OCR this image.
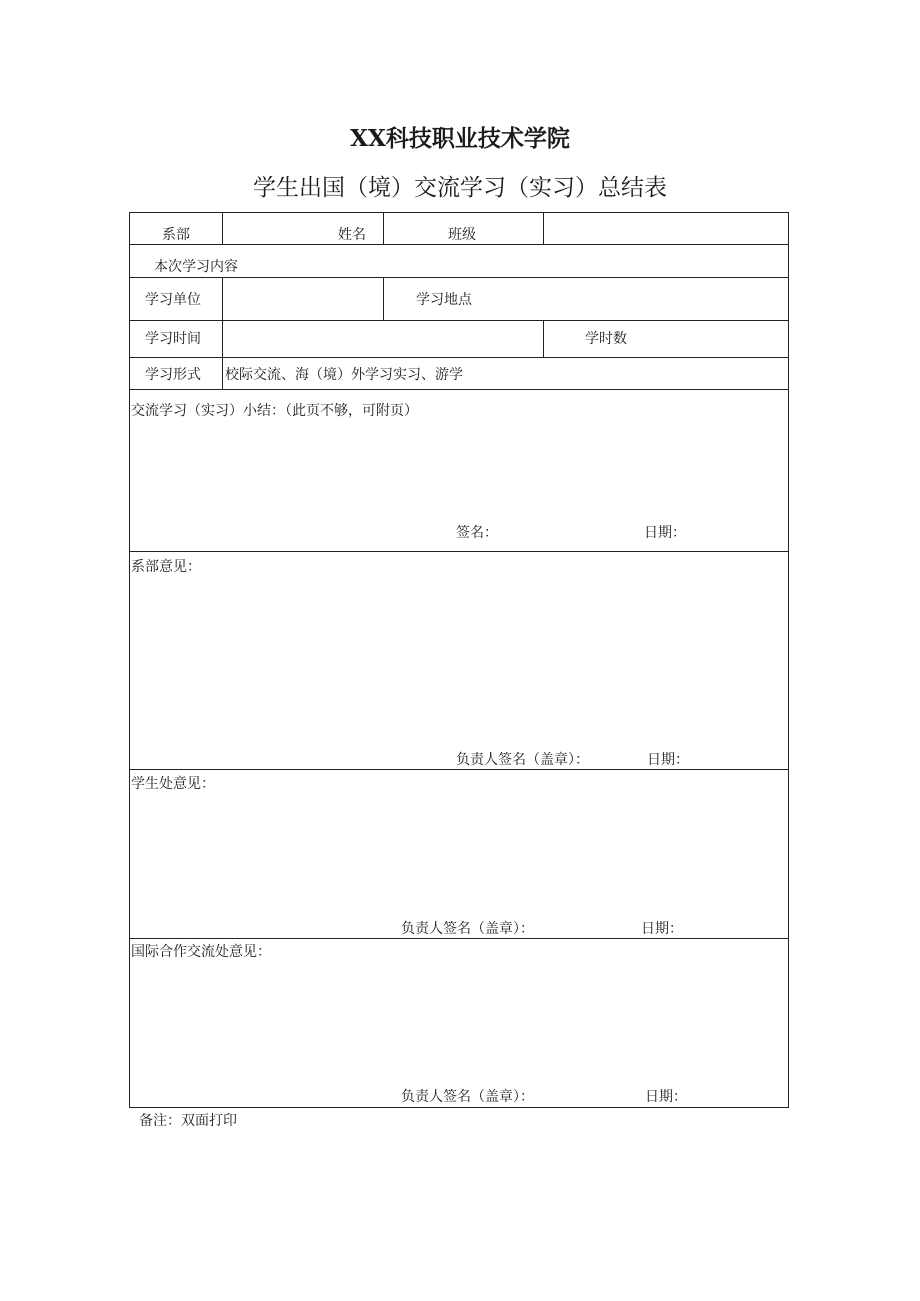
XX科技职业技术学院
学生出国（境）交流学习（实习）总结表
系部	姓名	班级
本次学习内容
学习单位	学习地点
学习时间	学时数
学习形式 校际交流、海（境）外学习实习、游学
交流学习（实习）小结：（此页不够，可附页）
签名：	日期：
系部意见：
负责人签名（盖章）：	日期：
学生处意见：
负责人签名（盖章）：	日期：
国际合作交流处意见：
负责人签名（盖章）：	日期：
备注：双面打印
